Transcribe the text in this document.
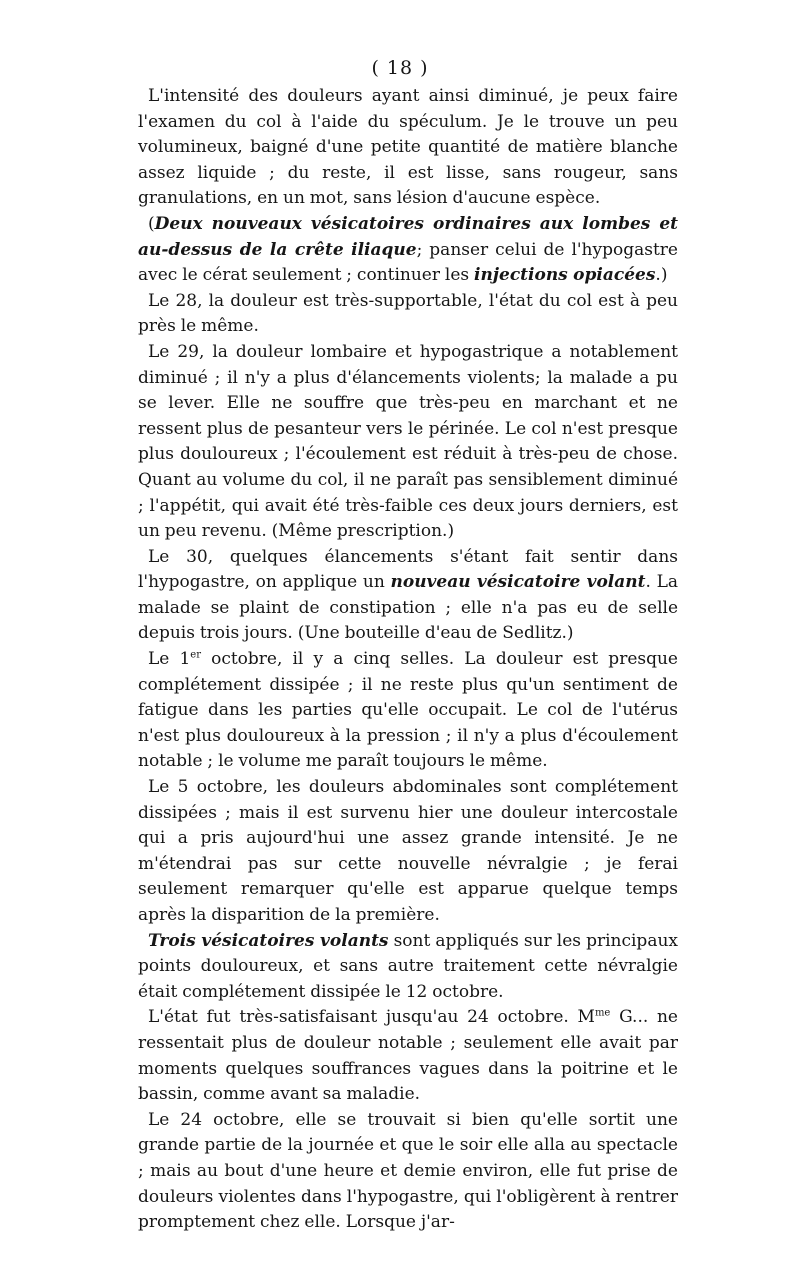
( 18 )

L'intensité des douleurs ayant ainsi diminué, je peux faire l'examen du col à l'aide du spéculum. Je le trouve un peu volumineux, baigné d'une petite quantité de matière blanche assez liquide ; du reste, il est lisse, sans rougeur, sans granulations, en un mot, sans lésion d'aucune espèce.

(Deux nouveaux vésicatoires ordinaires aux lombes et au-dessus de la crête iliaque; panser celui de l'hypogastre avec le cérat seulement ; continuer les injections opiacées.)

Le 28, la douleur est très-supportable, l'état du col est à peu près le même.

Le 29, la douleur lombaire et hypogastrique a notablement diminué ; il n'y a plus d'élancements violents; la malade a pu se lever. Elle ne souffre que très-peu en marchant et ne ressent plus de pesanteur vers le périnée. Le col n'est presque plus douloureux ; l'écoulement est réduit à très-peu de chose. Quant au volume du col, il ne paraît pas sensiblement diminué ; l'appétit, qui avait été très-faible ces deux jours derniers, est un peu revenu. (Même prescription.)

Le 30, quelques élancements s'étant fait sentir dans l'hypogastre, on applique un nouveau vésicatoire volant. La malade se plaint de constipation ; elle n'a pas eu de selle depuis trois jours. (Une bouteille d'eau de Sedlitz.)

Le 1er octobre, il y a cinq selles. La douleur est presque complétement dissipée ; il ne reste plus qu'un sentiment de fatigue dans les parties qu'elle occupait. Le col de l'utérus n'est plus douloureux à la pression ; il n'y a plus d'écoulement notable ; le volume me paraît toujours le même.

Le 5 octobre, les douleurs abdominales sont complétement dissipées ; mais il est survenu hier une douleur intercostale qui a pris aujourd'hui une assez grande intensité. Je ne m'étendrai pas sur cette nouvelle névralgie ; je ferai seulement remarquer qu'elle est apparue quelque temps après la disparition de la première.

Trois vésicatoires volants sont appliqués sur les principaux points douloureux, et sans autre traitement cette névralgie était complétement dissipée le 12 octobre.

L'état fut très-satisfaisant jusqu'au 24 octobre. $M^{me}$ G... ne ressentait plus de douleur notable ; seulement elle avait par moments quelques souffrances vagues dans la poitrine et le bassin, comme avant sa maladie.

Le 24 octobre, elle se trouvait si bien qu'elle sortit une grande partie de la journée et que le soir elle alla au spectacle ; mais au bout d'une heure et demie environ, elle fut prise de douleurs violentes dans l'hypogastre, qui l'obligèrent à rentrer promptement chez elle. Lorsque j'ar-
